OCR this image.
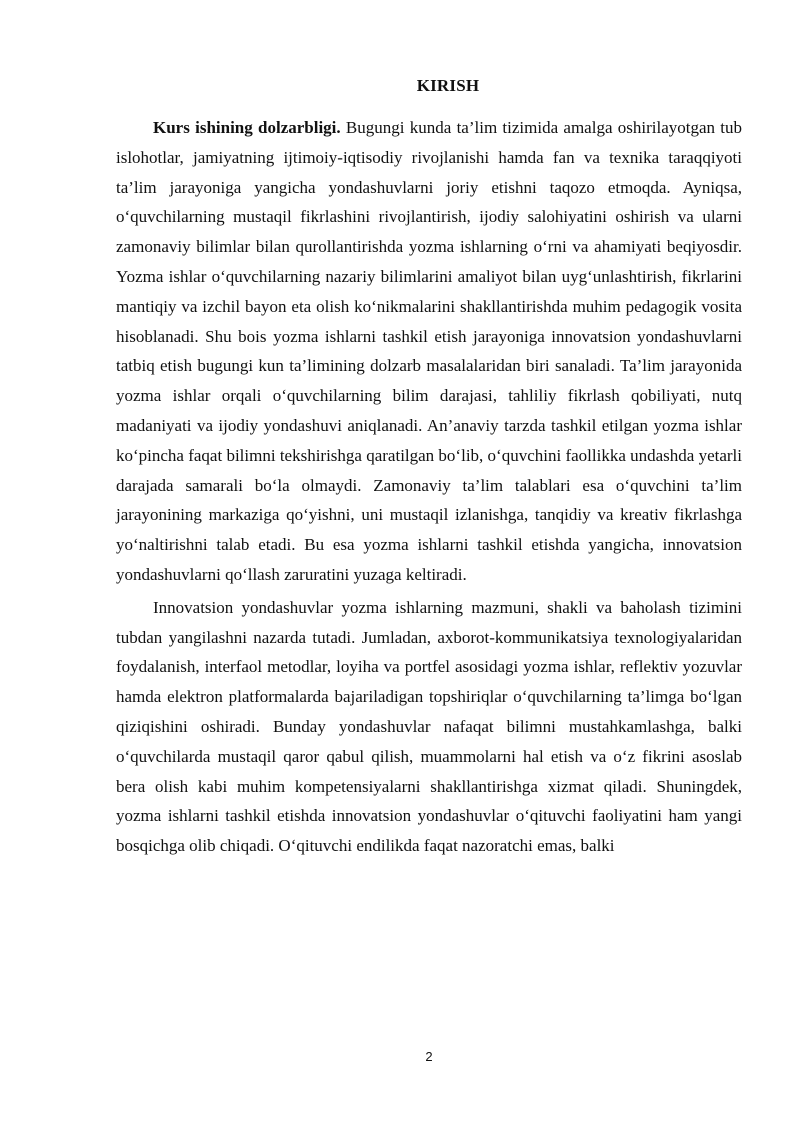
KIRISH

Kurs ishining dolzarbligi. Bugungi kunda ta’lim tizimida amalga oshirilayotgan tub islohotlar, jamiyatning ijtimoiy-iqtisodiy rivojlanishi hamda fan va texnika taraqqiyoti ta’lim jarayoniga yangicha yondashuvlarni joriy etishni taqozo etmoqda. Ayniqsa, o‘quvchilarning mustaqil fikrlashini rivojlantirish, ijodiy salohiyatini oshirish va ularni zamonaviy bilimlar bilan qurollantirishda yozma ishlarning o‘rni va ahamiyati beqiyosdir. Yozma ishlar o‘quvchilarning nazariy bilimlarini amaliyot bilan uyg‘unlashtirish, fikrlarini mantiqiy va izchil bayon eta olish ko‘nikmalarini shakllantirishda muhim pedagogik vosita hisoblanadi. Shu bois yozma ishlarni tashkil etish jarayoniga innovatsion yondashuvlarni tatbiq etish bugungi kun ta’limining dolzarb masalalaridan biri sanaladi. Ta’lim jarayonida yozma ishlar orqali o‘quvchilarning bilim darajasi, tahliliy fikrlash qobiliyati, nutq madaniyati va ijodiy yondashuvi aniqlanadi. An’anaviy tarzda tashkil etilgan yozma ishlar ko‘pincha faqat bilimni tekshirishga qaratilgan bo‘lib, o‘quvchini faollikka undashda yetarli darajada samarali bo‘la olmaydi. Zamonaviy ta’lim talablari esa o‘quvchini ta’lim jarayonining markaziga qo‘yishni, uni mustaqil izlanishga, tanqidiy va kreativ fikrlashga yo‘naltirishni talab etadi. Bu esa yozma ishlarni tashkil etishda yangicha, innovatsion yondashuvlarni qo‘llash zaruratini yuzaga keltiradi.

Innovatsion yondashuvlar yozma ishlarning mazmuni, shakli va baholash tizimini tubdan yangilashni nazarda tutadi. Jumladan, axborot-kommunikatsiya texnologiyalaridan foydalanish, interfaol metodlar, loyiha va portfel asosidagi yozma ishlar, reflektiv yozuvlar hamda elektron platformalarda bajariladigan topshiriqlar o‘quvchilarning ta’limga bo‘lgan qiziqishini oshiradi. Bunday yondashuvlar nafaqat bilimni mustahkamlashga, balki o‘quvchilarda mustaqil qaror qabul qilish, muammolarni hal etish va o‘z fikrini asoslab bera olish kabi muhim kompetensiyalarni shakllantirishga xizmat qiladi. Shuningdek, yozma ishlarni tashkil etishda innovatsion yondashuvlar o‘qituvchi faoliyatini ham yangi bosqichga olib chiqadi. O‘qituvchi endilikda faqat nazoratchi emas, balki

2
